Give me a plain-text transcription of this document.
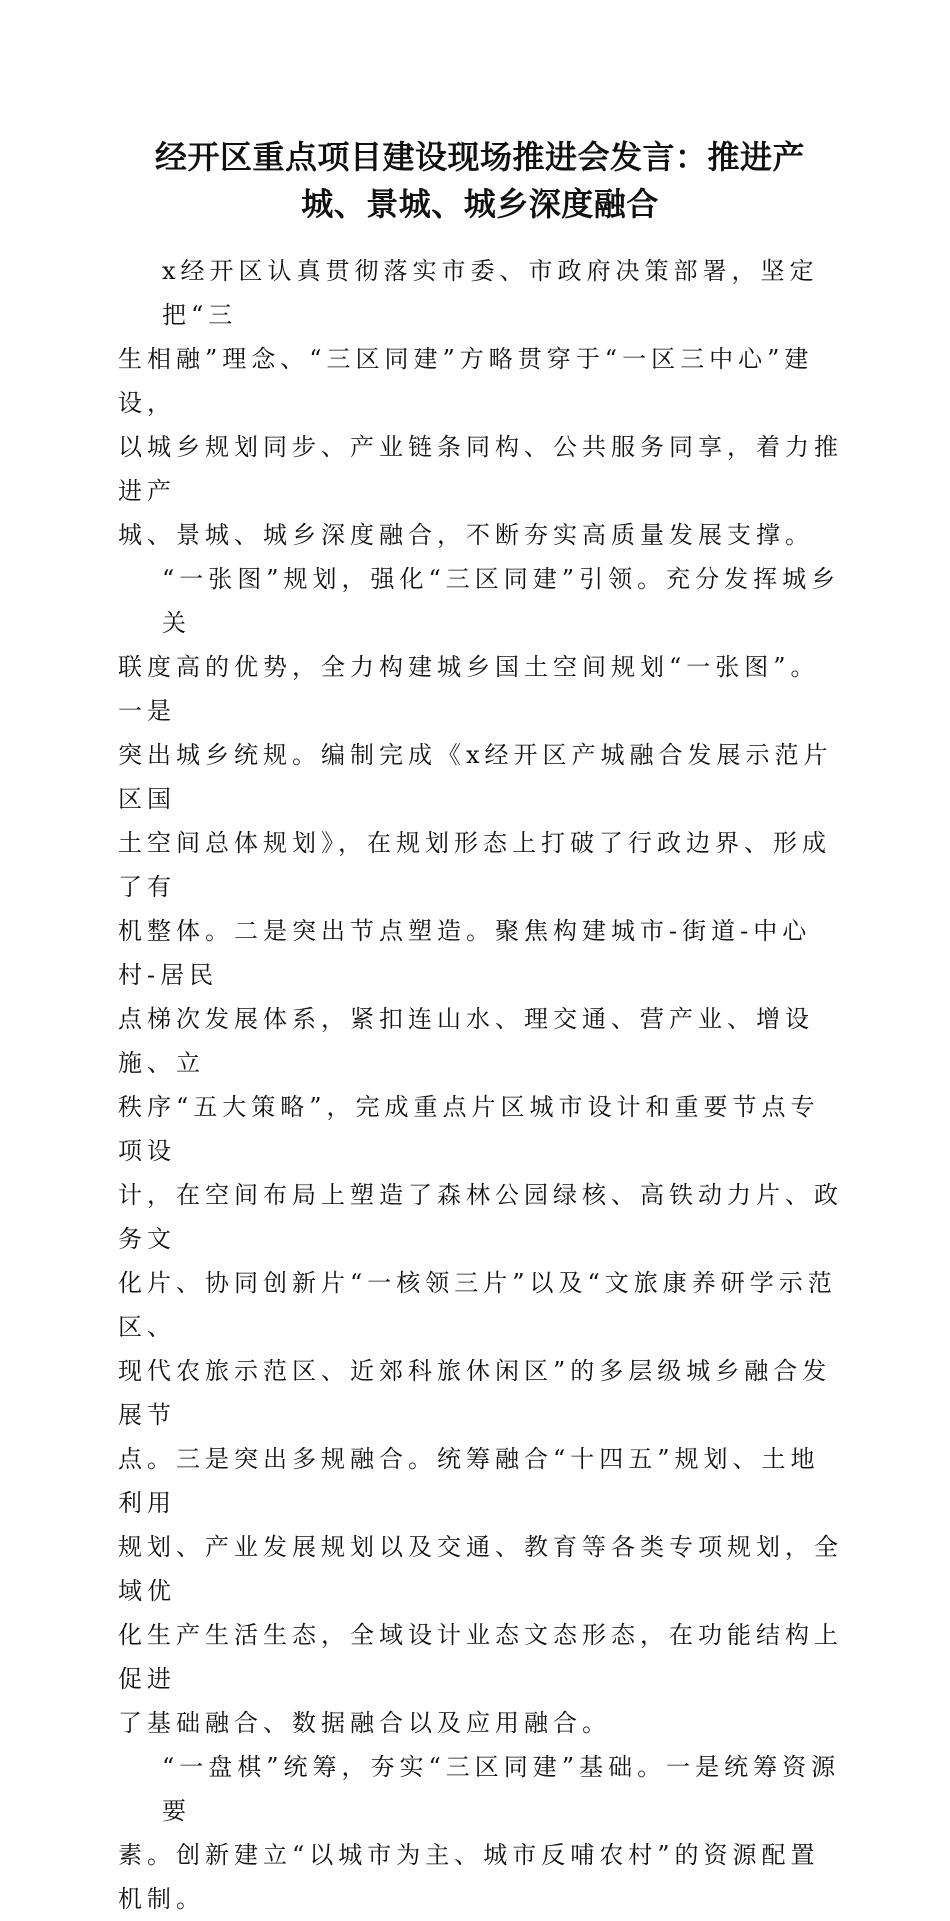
经开区重点项目建设现场推进会发言：推进产
城、景城、城乡深度融合
x经开区认真贯彻落实市委、市政府决策部署，坚定把“三
生相融”理念、“三区同建”方略贯穿于“一区三中心”建设，
以城乡规划同步、产业链条同构、公共服务同享，着力推进产
城、景城、城乡深度融合，不断夯实高质量发展支撑。
“一张图”规划，强化“三区同建”引领。充分发挥城乡关
联度高的优势，全力构建城乡国土空间规划“一张图”。一是
突出城乡统规。编制完成《x经开区产城融合发展示范片区国
土空间总体规划》，在规划形态上打破了行政边界、形成了有
机整体。二是突出节点塑造。聚焦构建城市-街道-中心村-居民
点梯次发展体系，紧扣连山水、理交通、营产业、增设施、立
秩序“五大策略”，完成重点片区城市设计和重要节点专项设
计，在空间布局上塑造了森林公园绿核、高铁动力片、政务文
化片、协同创新片“一核领三片”以及“文旅康养研学示范区、
现代农旅示范区、近郊科旅休闲区”的多层级城乡融合发展节
点。三是突出多规融合。统筹融合“十四五”规划、土地利用
规划、产业发展规划以及交通、教育等各类专项规划，全域优
化生产生活生态，全域设计业态文态形态，在功能结构上促进
了基础融合、数据融合以及应用融合。
“一盘棋”统筹，夯实“三区同建”基础。一是统筹资源要
素。创新建立“以城市为主、城市反哺农村”的资源配置机制。
